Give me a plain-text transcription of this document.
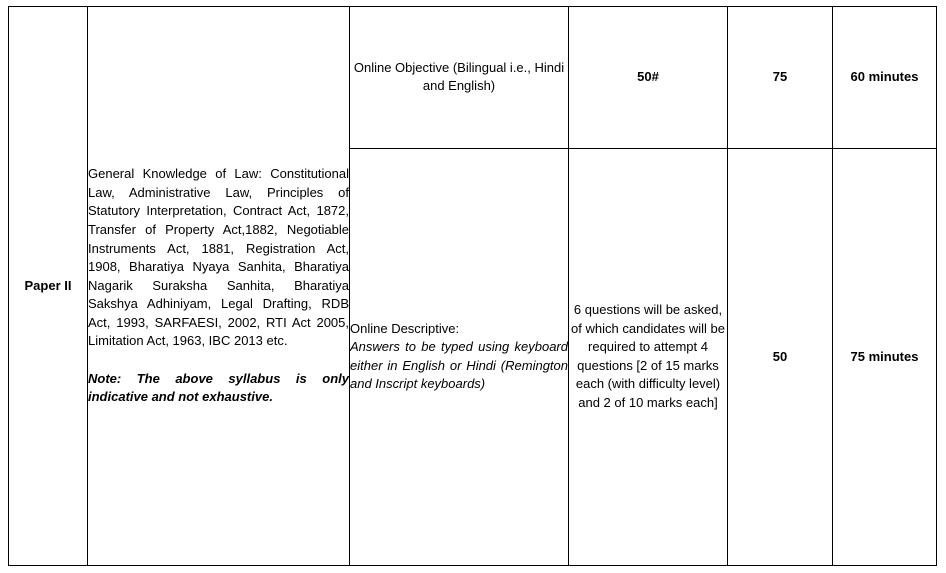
Paper II	General Knowledge of Law: Constitutional Law, Administrative Law, Principles of Statutory Interpretation, Contract Act, 1872, Transfer of Property Act,1882, Negotiable Instruments Act, 1881, Registration Act, 1908, Bharatiya Nyaya Sanhita, Bharatiya Nagarik Suraksha Sanhita, Bharatiya Sakshya Adhiniyam, Legal Drafting, RDB Act, 1993, SARFAESI, 2002, RTI Act 2005, Limitation Act, 1963, IBC 2013 etc.

Note: The above syllabus is only indicative and not exhaustive.	Online Objective (Bilingual i.e., Hindi and English)	50#	75	60 minutes

		Online Descriptive:
Answers to be typed using keyboard either in English or Hindi (Remington and Inscript keyboards)	6 questions will be asked, of which candidates will be required to attempt 4 questions [2 of 15 marks each (with difficulty level) and 2 of 10 marks each]	50	75 minutes
